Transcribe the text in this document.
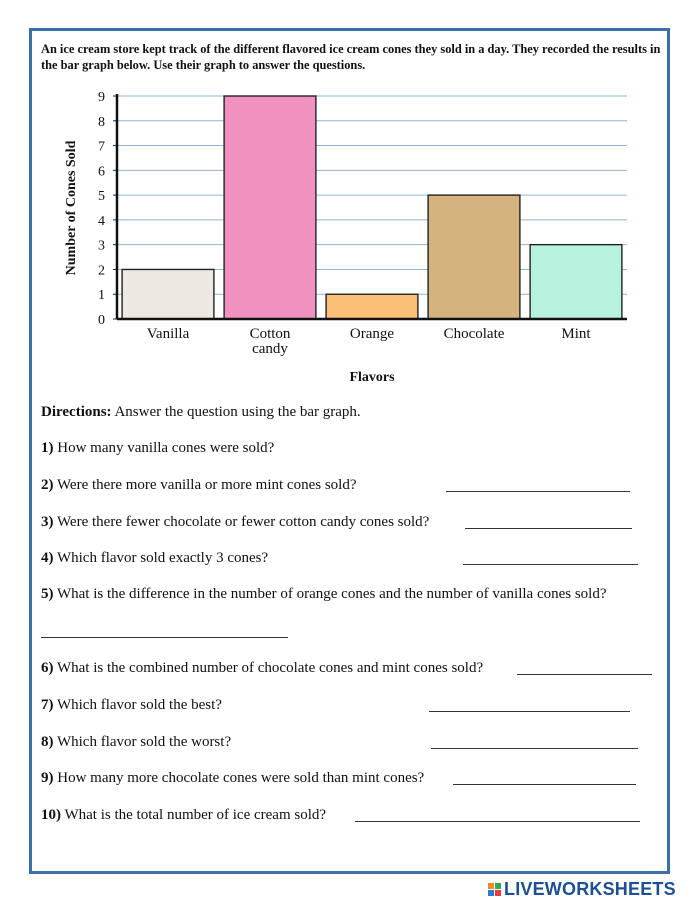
An ice cream store kept track of the different flavored ice cream cones they sold in a day. They recorded the results in the bar graph below. Use their graph to answer the questions.
0
1
2
3
4
5
6
7
8
9
Vanilla	Cotton
candy
Orange	Chocolate	Mint
Number of Cones Sold
Flavors
Directions: Answer the question using the bar graph.
1) How many vanilla cones were sold?
2) Were there more vanilla or more mint cones sold?
3) Were there fewer chocolate or fewer cotton candy cones sold?
4) Which flavor sold exactly 3 cones?
5) What is the difference in the number of orange cones and the number of vanilla cones sold?
6) What is the combined number of chocolate cones and mint cones sold?
7) Which flavor sold the best?
8) Which flavor sold the worst?
9) How many more chocolate cones were sold than mint cones?
10) What is the total number of ice cream sold?
LIVEWORKSHEETS
